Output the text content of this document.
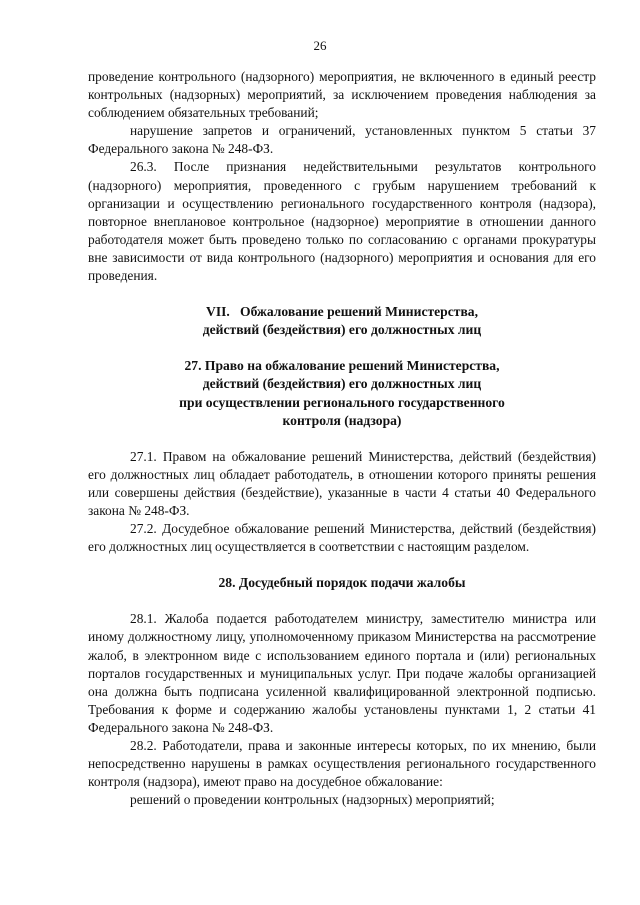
26

проведение контрольного (надзорного) мероприятия, не включенного в единый реестр контрольных (надзорных) мероприятий, за исключением проведения наблюдения за соблюдением обязательных требований;

нарушение запретов и ограничений, установленных пунктом 5 статьи 37 Федерального закона № 248-ФЗ.

26.3. После признания недействительными результатов контрольного (надзорного) мероприятия, проведенного с грубым нарушением требований к организации и осуществлению регионального государственного контроля (надзора), повторное внеплановое контрольное (надзорное) мероприятие в отношении данного работодателя может быть проведено только по согласованию с органами прокуратуры вне зависимости от вида контрольного (надзорного) мероприятия и основания для его проведения.

VII.   Обжалование решений Министерства,
действий (бездействия) его должностных лиц
27. Право на обжалование решений Министерства,
действий (бездействия) его должностных лиц
при осуществлении регионального государственного
контроля (надзора)

27.1. Правом на обжалование решений Министерства, действий (бездействия) его должностных лиц обладает работодатель, в отношении которого приняты решения или совершены действия (бездействие), указанные в части 4 статьи 40 Федерального закона № 248-ФЗ.

27.2. Досудебное обжалование решений Министерства, действий (бездействия) его должностных лиц осуществляется в соответствии с настоящим разделом.

28. Досудебный порядок подачи жалобы

28.1. Жалоба подается работодателем министру, заместителю министра или иному должностному лицу, уполномоченному приказом Министерства на рассмотрение жалоб, в электронном виде с использованием единого портала и (или) региональных порталов государственных и муниципальных услуг. При подаче жалобы организацией она должна быть подписана усиленной квалифицированной электронной подписью. Требования к форме и содержанию жалобы установлены пунктами 1, 2 статьи 41 Федерального закона № 248-ФЗ.

28.2. Работодатели, права и законные интересы которых, по их мнению, были непосредственно нарушены в рамках осуществления регионального государственного контроля (надзора), имеют право на досудебное обжалование:

решений о проведении контрольных (надзорных) мероприятий;
